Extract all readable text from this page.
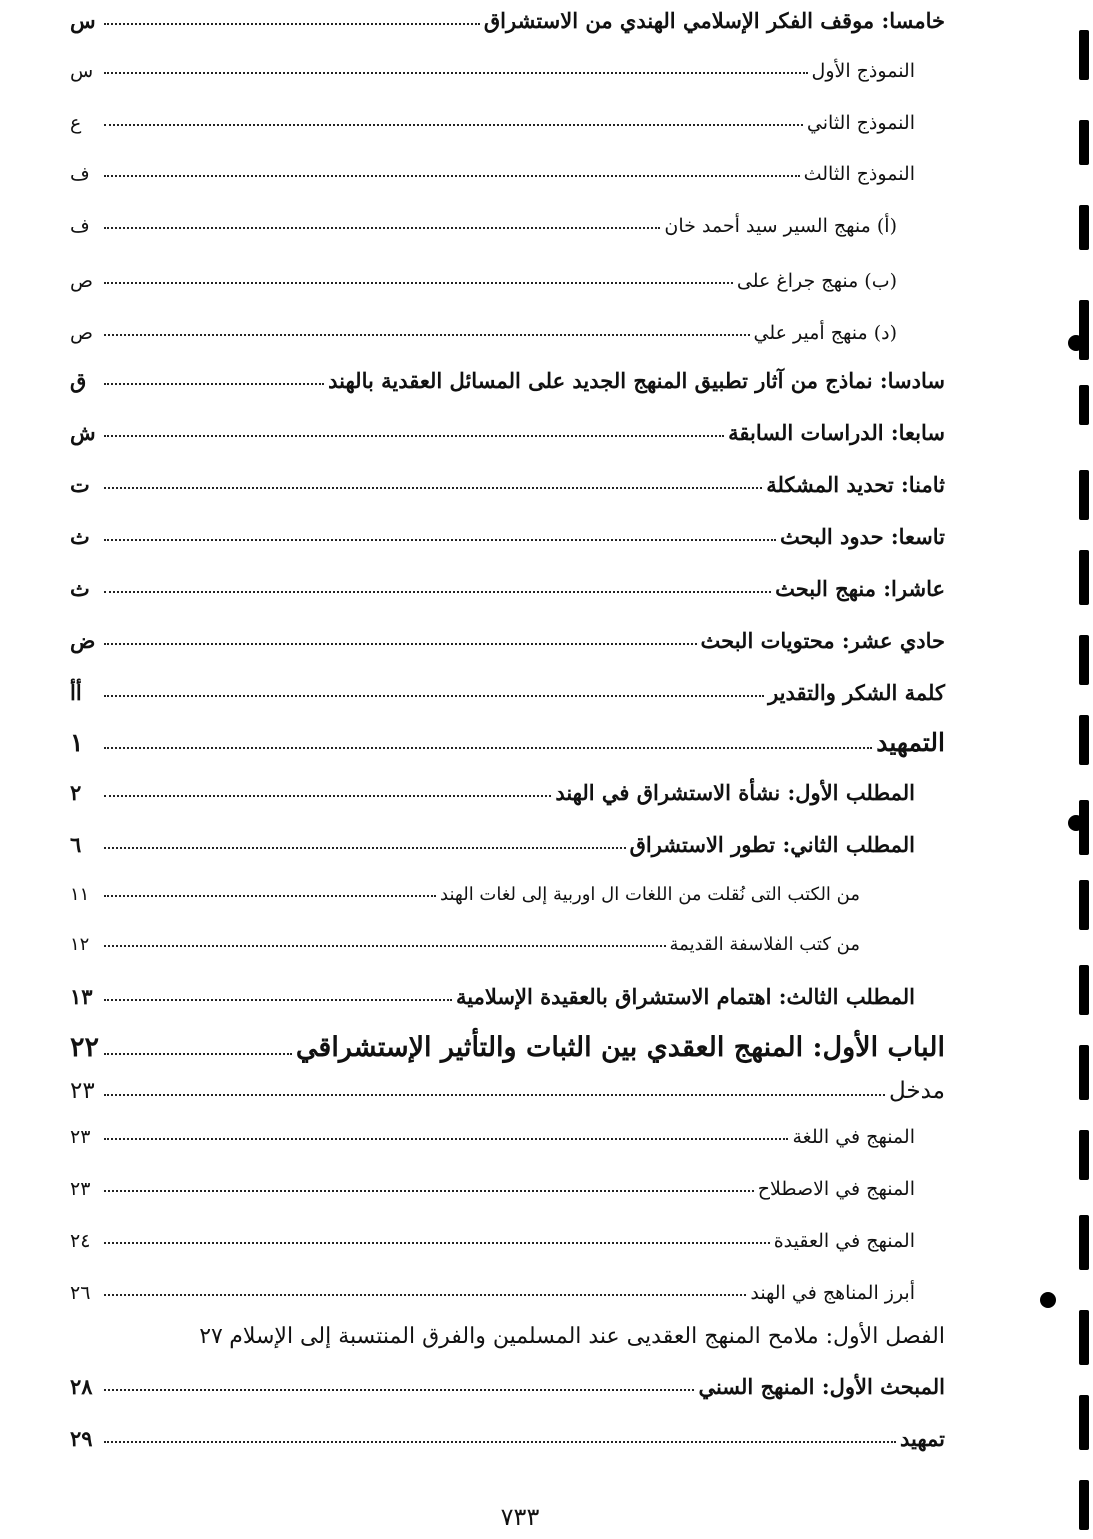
خامسا: موقف الفكر الإسلامي الهندي من الاستشراق
س
النموذج الأول
س
النموذج الثاني
ع
النموذج الثالث
ف
(أ) منهج السير سيد أحمد خان
ف
(ب) منهج جراغ على
ص
(د) منهج أمير علي
ص
سادسا: نماذج من آثار تطبيق المنهج الجديد على المسائل العقدية بالهند
ق
سابعا: الدراسات السابقة
ش
ثامنا: تحديد المشكلة
ت
تاسعا: حدود البحث
ث
عاشرا: منهج البحث
ث
حادي عشر: محتويات البحث
ض
كلمة الشكر والتقدير
أأ
التمهيد
١
المطلب الأول: نشأة الاستشراق في الهند
٢
المطلب الثاني: تطور الاستشراق
٦
من الكتب التى نُقلت من اللغات ال اوربية إلى لغات الهند
١١
من كتب الفلاسفة القديمة
١٢
المطلب الثالث: اهتمام الاستشراق بالعقيدة الإسلامية
١٣
الباب الأول: المنهج العقدي بين الثبات والتأثير الإستشراقي
٢٢
مدخل
٢٣
المنهج في اللغة
٢٣
المنهج في الاصطلاح
٢٣
المنهج في العقيدة
٢٤
أبرز المناهج في الهند
٢٦
الفصل الأول: ملامح المنهج العقديى عند المسلمين والفرق المنتسبة إلى الإسلام
٢٧
المبحث الأول: المنهج السني
٢٨
تمهيد
٢٩
٧٣٣
